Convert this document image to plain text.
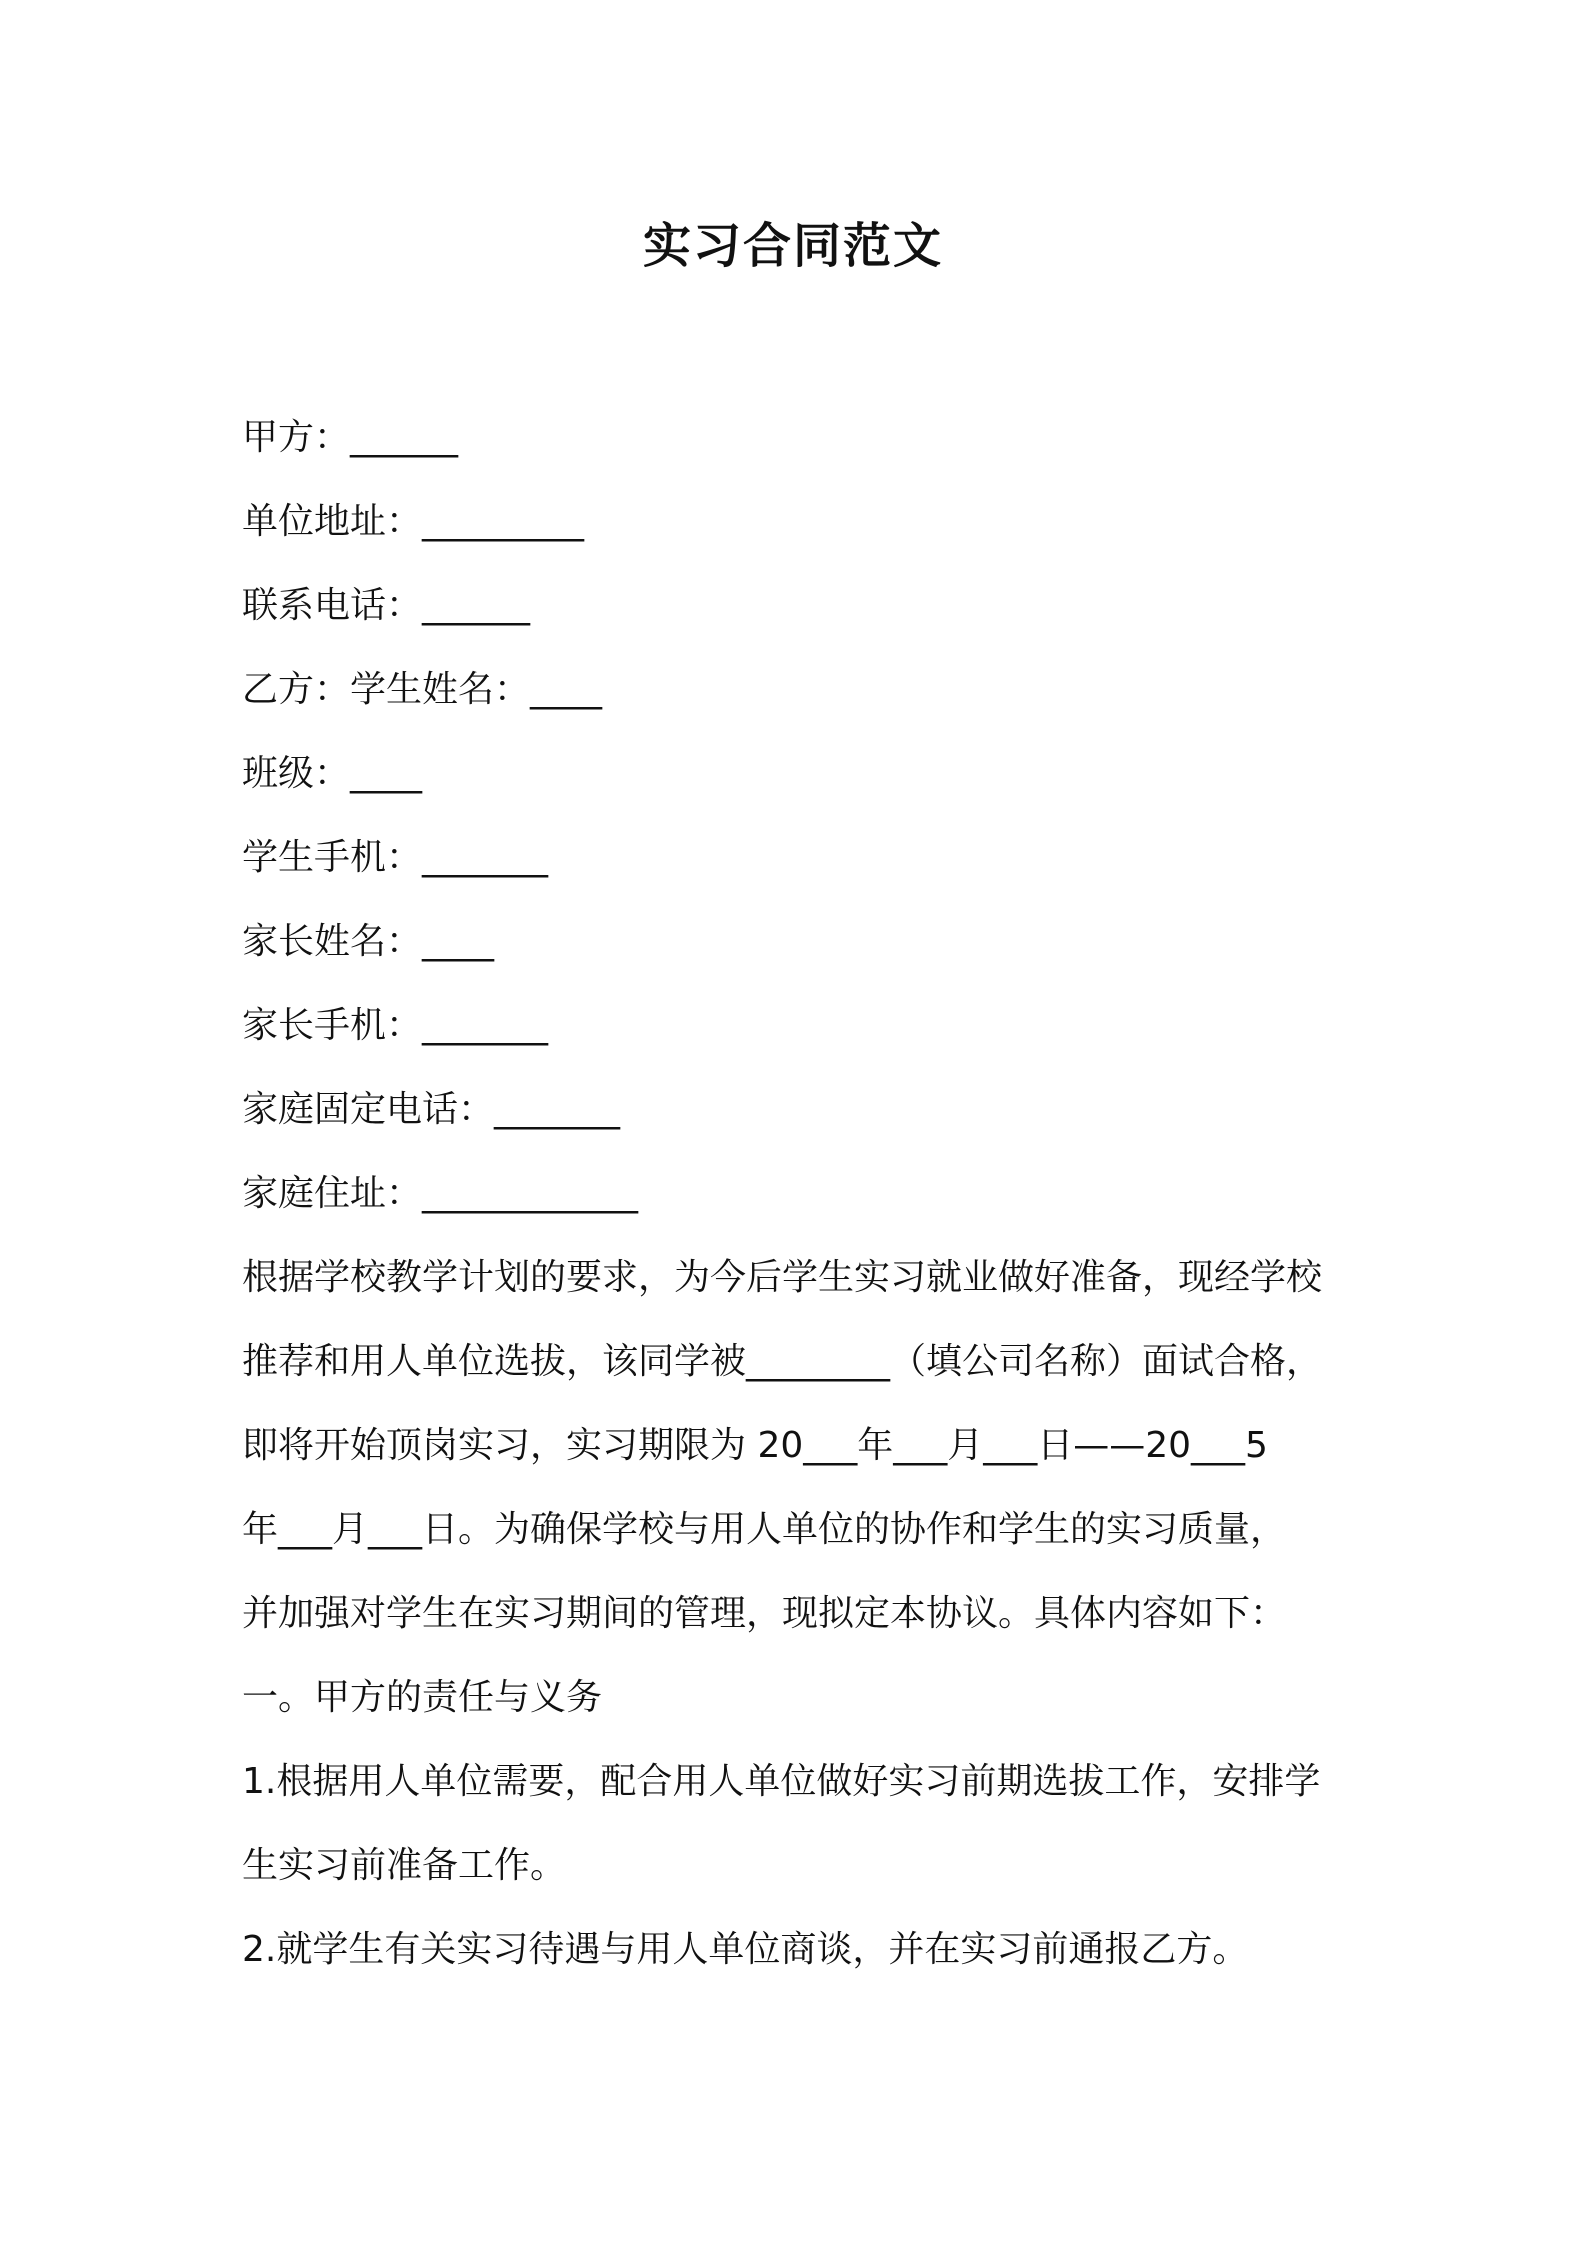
实习合同范文
甲方：______
单位地址：_________
联系电话：______
乙方：学生姓名：____
班级：____
学生手机：_______
家长姓名：____
家长手机：_______
家庭固定电话：_______
家庭住址：____________
根据学校教学计划的要求，为今后学生实习就业做好准备，现经学校
推荐和用人单位选拔，该同学被________（填公司名称）面试合格，
即将开始顶岗实习，实习期限为 20___年___月___日——20___5
年___月___日。为确保学校与用人单位的协作和学生的实习质量，
并加强对学生在实习期间的管理，现拟定本协议。具体内容如下：
一。甲方的责任与义务
1.根据用人单位需要，配合用人单位做好实习前期选拔工作，安排学
生实习前准备工作。
2.就学生有关实习待遇与用人单位商谈，并在实习前通报乙方。
